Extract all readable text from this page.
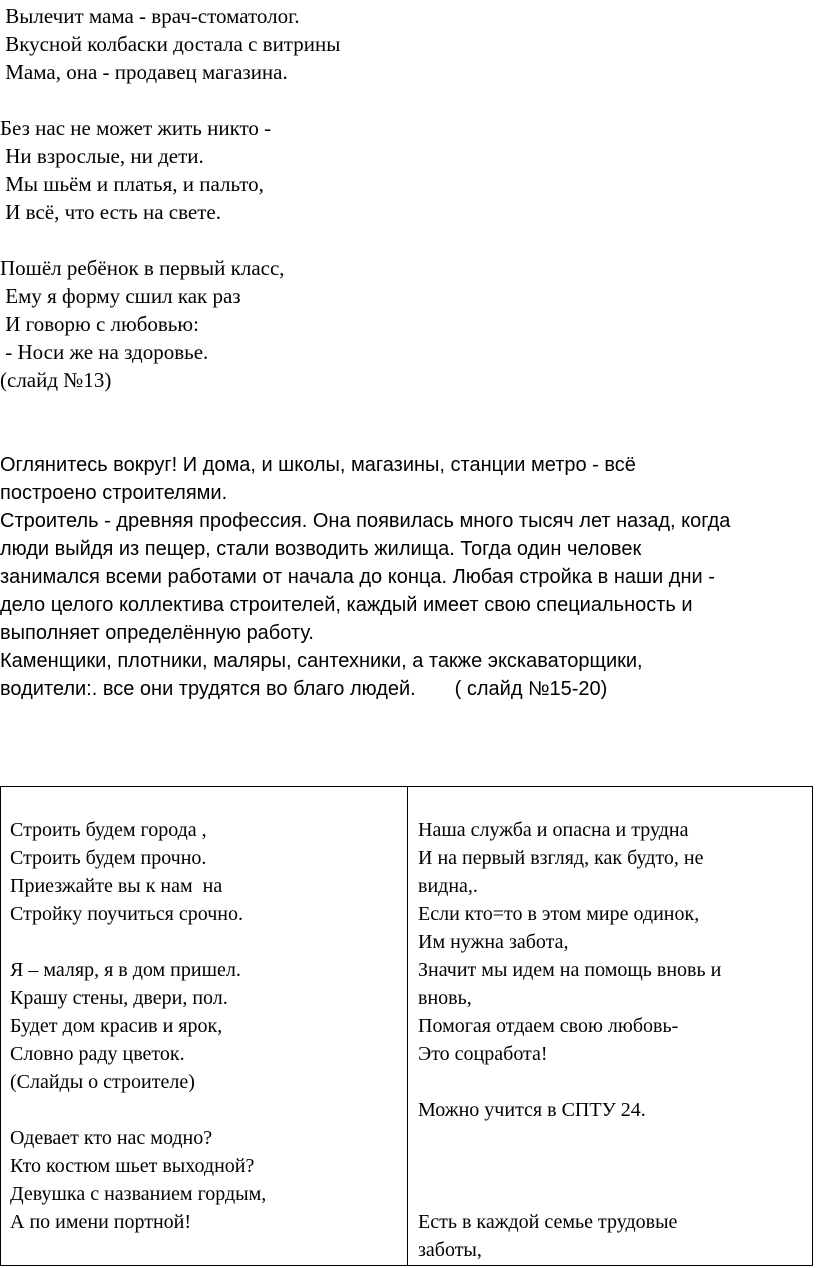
Вылечит мама - врач-стоматолог.
Вкусной колбаски достала с витрины
Мама, она - продавец магазина.
Без нас не может жить никто -
Ни взрослые, ни дети.
Мы шьём и платья, и пальто,
И всё, что есть на свете.
Пошёл ребёнок в первый класс,
Ему я форму сшил как раз
И говорю с любовью:
- Носи же на здоровье.
(слайд №13)
Оглянитесь вокруг! И дома, и школы, магазины, станции метро - всё
построено строителями.
Строитель - древняя профессия. Она появилась много тысяч лет назад, когда
люди выйдя из пещер, стали возводить жилища. Тогда один человек
занимался всеми работами от начала до конца. Любая стройка в наши дни -
дело целого коллектива строителей, каждый имеет свою специальность и
выполняет определённую работу.
Каменщики, плотники, маляры, сантехники, а также экскаваторщики,
водители:. все они трудятся во благо людей.       ( слайд №15-20)
Строить будем города ,
Строить будем прочно.
Приезжайте вы к нам  на
Стройку поучиться срочно.
Я – маляр, я в дом пришел.
Крашу стены, двери, пол.
Будет дом красив и ярок,
Словно раду цветок.
(Слайды о строителе)
Одевает кто нас модно?
Кто костюм шьет выходной?
Девушка с названием гордым,
А по имени портной!
Наша служба и опасна и трудна
И на первый взгляд, как будто, не
видна,.
Если кто=то в этом мире одинок,
Им нужна забота,
Значит мы идем на помощь вновь и
вновь,
Помогая отдаем свою любовь-
Это соцработа!
Можно учится в СПТУ 24.
Есть в каждой семье трудовые
заботы,
